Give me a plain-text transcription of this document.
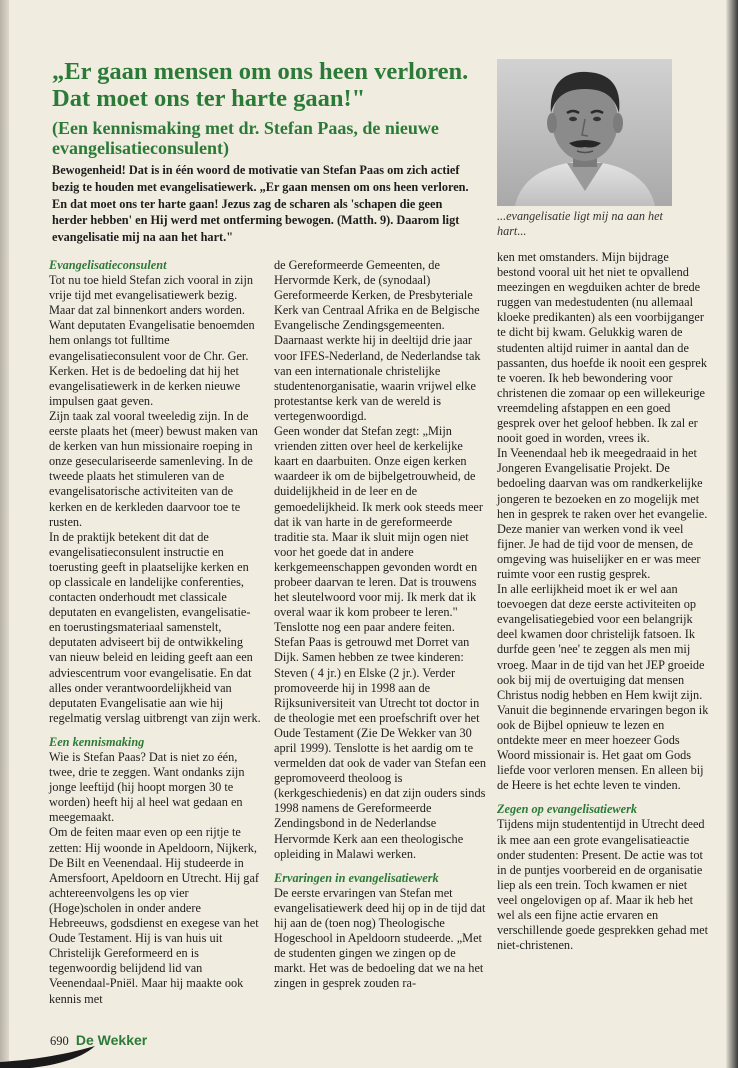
„Er gaan mensen om ons heen verloren. Dat moet ons ter harte gaan!"
(Een kennismaking met dr. Stefan Paas, de nieuwe evangelisatieconsulent)

Bewogenheid! Dat is in één woord de motivatie van Stefan Paas om zich actief bezig te houden met evangelisatiewerk. „Er gaan mensen om ons heen verloren. En dat moet ons ter harte gaan! Jezus zag de scharen als 'schapen die geen herder hebben' en Hij werd met ontferming bewogen. (Matth. 9). Daarom ligt evangelisatie mij na aan het hart."

...evangelisatie ligt mij na aan het hart...

Evangelisatieconsulent

Tot nu toe hield Stefan zich vooral in zijn vrije tijd met evangelisatiewerk bezig. Maar dat zal binnenkort anders worden. Want deputaten Evangelisatie benoemden hem onlangs tot fulltime evangelisatieconsulent voor de Chr. Ger. Kerken. Het is de bedoeling dat hij het evangelisatiewerk in de kerken nieuwe impulsen gaat geven.

Zijn taak zal vooral tweeledig zijn. In de eerste plaats het (meer) bewust maken van de kerken van hun missionaire roeping in onze geseculariseerde samenleving. In de tweede plaats het stimuleren van de evangelisatorische activiteiten van de kerken en de kerkleden daarvoor toe te rusten.

In de praktijk betekent dit dat de evangelisatieconsulent instructie en toerusting geeft in plaatselijke kerken en op classicale en landelijke conferenties, contacten onderhoudt met classicale deputaten en evangelisten, evangelisatie- en toerustingsmateriaal samenstelt, deputaten adviseert bij de ontwikkeling van nieuw beleid en leiding geeft aan een adviescentrum voor evangelisatie. En dat alles onder verantwoordelijkheid van deputaten Evangelisatie aan wie hij regelmatig verslag uitbrengt van zijn werk.

Een kennismaking

Wie is Stefan Paas? Dat is niet zo één, twee, drie te zeggen. Want ondanks zijn jonge leeftijd (hij hoopt morgen 30 te worden) heeft hij al heel wat gedaan en meegemaakt.

Om de feiten maar even op een rijtje te zetten: Hij woonde in Apeldoorn, Nijkerk, De Bilt en Veenendaal. Hij studeerde in Amersfoort, Apeldoorn en Utrecht. Hij gaf achtereenvolgens les op vier (Hoge)scholen in onder andere Hebreeuws, godsdienst en exegese van het Oude Testament. Hij is van huis uit Christelijk Gereformeerd en is tegenwoordig belijdend lid van Veenendaal-Pniël. Maar hij maakte ook kennis met

de Gereformeerde Gemeenten, de Hervormde Kerk, de (synodaal) Gereformeerde Kerken, de Presbyteriale Kerk van Centraal Afrika en de Belgische Evangelische Zendingsgemeenten. Daarnaast werkte hij in deeltijd drie jaar voor IFES-Nederland, de Nederlandse tak van een internationale christelijke studentenorganisatie, waarin vrijwel elke protestantse kerk van de wereld is vertegenwoordigd.

Geen wonder dat Stefan zegt: „Mijn vrienden zitten over heel de kerkelijke kaart en daarbuiten. Onze eigen kerken waardeer ik om de bijbelgetrouwheid, de duidelijkheid in de leer en de gemoedelijkheid. Ik merk ook steeds meer dat ik van harte in de gereformeerde traditie sta. Maar ik sluit mijn ogen niet voor het goede dat in andere kerkgemeenschappen gevonden wordt en probeer daarvan te leren. Dat is trouwens het sleutelwoord voor mij. Ik merk dat ik overal waar ik kom probeer te leren."

Tenslotte nog een paar andere feiten. Stefan Paas is getrouwd met Dorret van Dijk. Samen hebben ze twee kinderen: Steven ( 4 jr.) en Elske (2 jr.). Verder promoveerde hij in 1998 aan de Rijksuniversiteit van Utrecht tot doctor in de theologie met een proefschrift over het Oude Testament (Zie De Wekker van 30 april 1999). Tenslotte is het aardig om te vermelden dat ook de vader van Stefan een gepromoveerd theoloog is (kerkgeschiedenis) en dat zijn ouders sinds 1998 namens de Gereformeerde Zendingsbond in de Nederlandse Hervormde Kerk aan een theologische opleiding in Malawi werken.

Ervaringen in evangelisatiewerk

De eerste ervaringen van Stefan met evangelisatiewerk deed hij op in de tijd dat hij aan de (toen nog) Theologische Hogeschool in Apeldoorn studeerde. „Met de studenten gingen we zingen op de markt. Het was de bedoeling dat we na het zingen in gesprek zouden ra-

ken met omstanders. Mijn bijdrage bestond vooral uit het niet te opvallend meezingen en wegduiken achter de brede ruggen van medestudenten (nu allemaal kloeke predikanten) als een voorbijganger te dicht bij kwam. Gelukkig waren de studenten altijd ruimer in aantal dan de passanten, dus hoefde ik nooit een gesprek te voeren. Ik heb bewondering voor christenen die zomaar op een willekeurige vreemdeling afstappen en een goed gesprek over het geloof hebben. Ik zal er nooit goed in worden, vrees ik.

In Veenendaal heb ik meegedraaid in het Jongeren Evangelisatie Projekt. De bedoeling daarvan was om randkerkelijke jongeren te bezoeken en zo mogelijk met hen in gesprek te raken over het evangelie. Deze manier van werken vond ik veel fijner. Je had de tijd voor de mensen, de omgeving was huiselijker en er was meer ruimte voor een rustig gesprek.

In alle eerlijkheid moet ik er wel aan toevoegen dat deze eerste activiteiten op evangelisatiegebied voor een belangrijk deel kwamen door christelijk fatsoen. Ik durfde geen 'nee' te zeggen als men mij vroeg. Maar in de tijd van het JEP groeide ook bij mij de overtuiging dat mensen Christus nodig hebben en Hem kwijt zijn. Vanuit die beginnende ervaringen begon ik ook de Bijbel opnieuw te lezen en ontdekte meer en meer hoezeer Gods Woord missionair is. Het gaat om Gods liefde voor verloren mensen. En alleen bij de Heere is het echte leven te vinden.

Zegen op evangelisatiewerk

Tijdens mijn studententijd in Utrecht deed ik mee aan een grote evangelisatieactie onder studenten: Present. De actie was tot in de puntjes voorbereid en de organisatie liep als een trein. Toch kwamen er niet veel ongelovigen op af. Maar ik heb het wel als een fijne actie ervaren en verschillende goede gesprekken gehad met niet-christenen.

690 De Wekker
